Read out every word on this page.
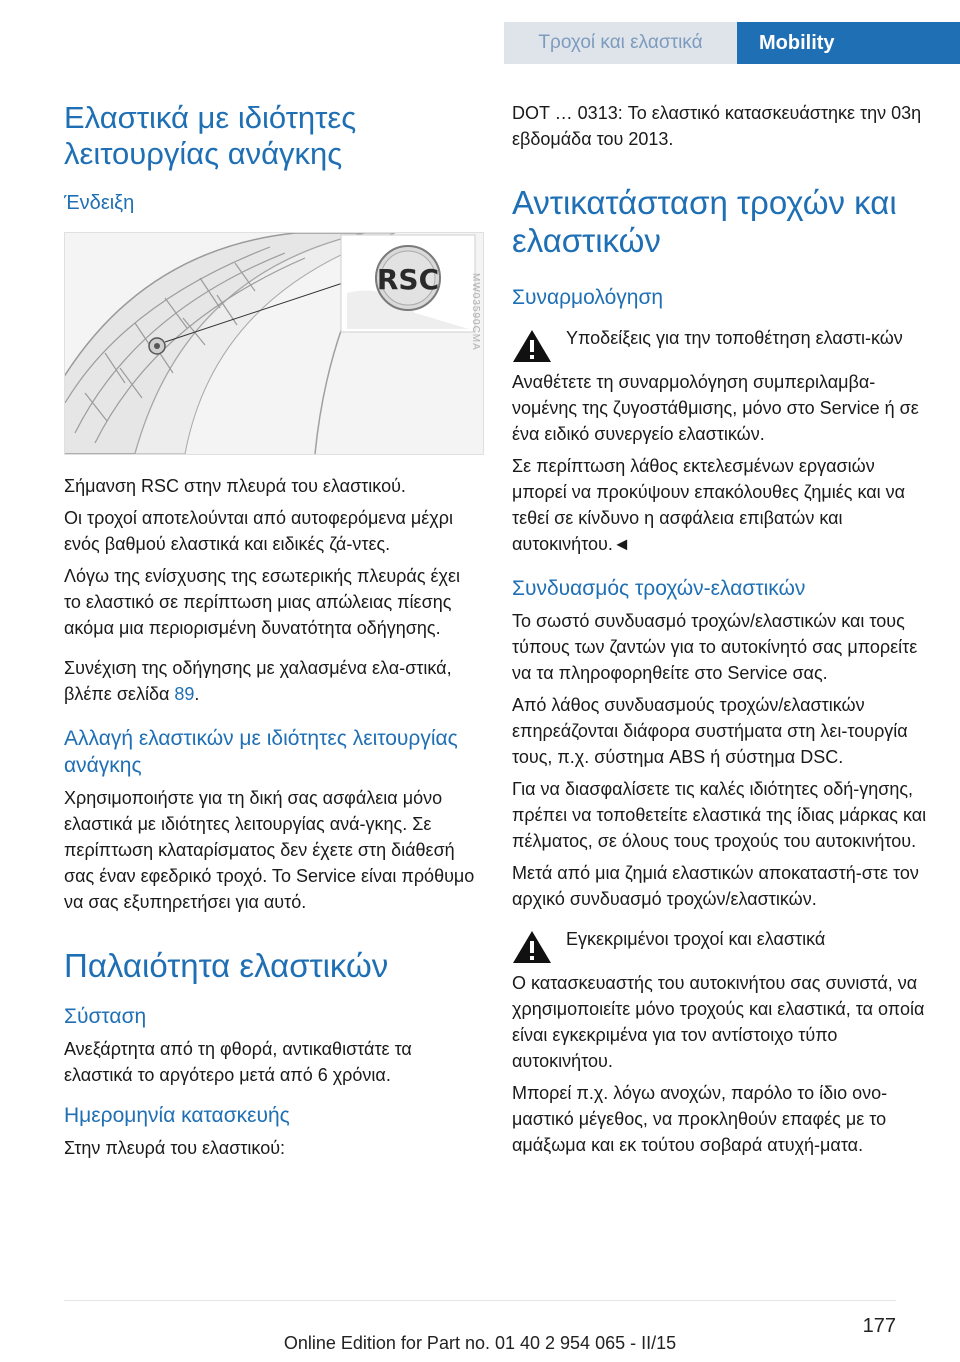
Τροχοί και ελαστικά	Mobility
Ελαστικά με ιδιότητες λειτουργίας ανάγκης
Ένδειξη
RSC	MW03590CMA

Σήμανση RSC στην πλευρά του ελαστικού.

Οι τροχοί αποτελούνται από αυτοφερόμενα μέχρι ενός βαθμού ελαστικά και ειδικές ζά-ντες.

Λόγω της ενίσχυσης της εσωτερικής πλευράς έχει το ελαστικό σε περίπτωση μιας απώλειας πίεσης ακόμα μια περιορισμένη δυνατότητα οδήγησης.

Συνέχιση της οδήγησης με χαλασμένα ελα-στικά, βλέπε σελίδα 89.

Αλλαγή ελαστικών με ιδιότητες λειτουργίας ανάγκης

Χρησιμοποιήστε για τη δική σας ασφάλεια μόνο ελαστικά με ιδιότητες λειτουργίας ανά-γκης. Σε περίπτωση κλαταρίσματος δεν έχετε στη διάθεσή σας έναν εφεδρικό τροχό. Το Service είναι πρόθυμο να σας εξυπηρετήσει για αυτό.

Παλαιότητα ελαστικών
Σύσταση

Ανεξάρτητα από τη φθορά, αντικαθιστάτε τα ελαστικά το αργότερο μετά από 6 χρόνια.

Ημερομηνία κατασκευής

Στην πλευρά του ελαστικού:

DOT … 0313: Το ελαστικό κατασκευάστηκε την 03η εβδομάδα του 2013.

Αντικατάσταση τροχών και ελαστικών
Συναρμολόγηση
Υποδείξεις για την τοποθέτηση ελαστι-κών

Αναθέτετε τη συναρμολόγηση συμπεριλαμβα-νομένης της ζυγοστάθμισης, μόνο στο Service ή σε ένα ειδικό συνεργείο ελαστικών.

Σε περίπτωση λάθος εκτελεσμένων εργασιών μπορεί να προκύψουν επακόλουθες ζημιές και να τεθεί σε κίνδυνο η ασφάλεια επιβατών και αυτοκινήτου.◄

Συνδυασμός τροχών-ελαστικών

Το σωστό συνδυασμό τροχών/ελαστικών και τους τύπους των ζαντών για το αυτοκίνητό σας μπορείτε να τα πληροφορηθείτε στο Service σας.

Από λάθος συνδυασμούς τροχών/ελαστικών επηρεάζονται διάφορα συστήματα στη λει-τουργία τους, π.χ. σύστημα ABS ή σύστημα DSC.

Για να διασφαλίσετε τις καλές ιδιότητες οδή-γησης, πρέπει να τοποθετείτε ελαστικά της ίδιας μάρκας και πέλματος, σε όλους τους τροχούς του αυτοκινήτου.

Μετά από μια ζημιά ελαστικών αποκαταστή-στε τον αρχικό συνδυασμό τροχών/ελαστικών.

Εγκεκριμένοι τροχοί και ελαστικά

Ο κατασκευαστής του αυτοκινήτου σας συνιστά, να χρησιμοποιείτε μόνο τροχούς και ελαστικά, τα οποία είναι εγκεκριμένα για τον αντίστοιχο τύπο αυτοκινήτου.

Μπορεί π.χ. λόγω ανοχών, παρόλο το ίδιο ονο-μαστικό μέγεθος, να προκληθούν επαφές με το αμάξωμα και εκ τούτου σοβαρά ατυχή-ματα.

177
Online Edition for Part no. 01 40 2 954 065 - II/15
